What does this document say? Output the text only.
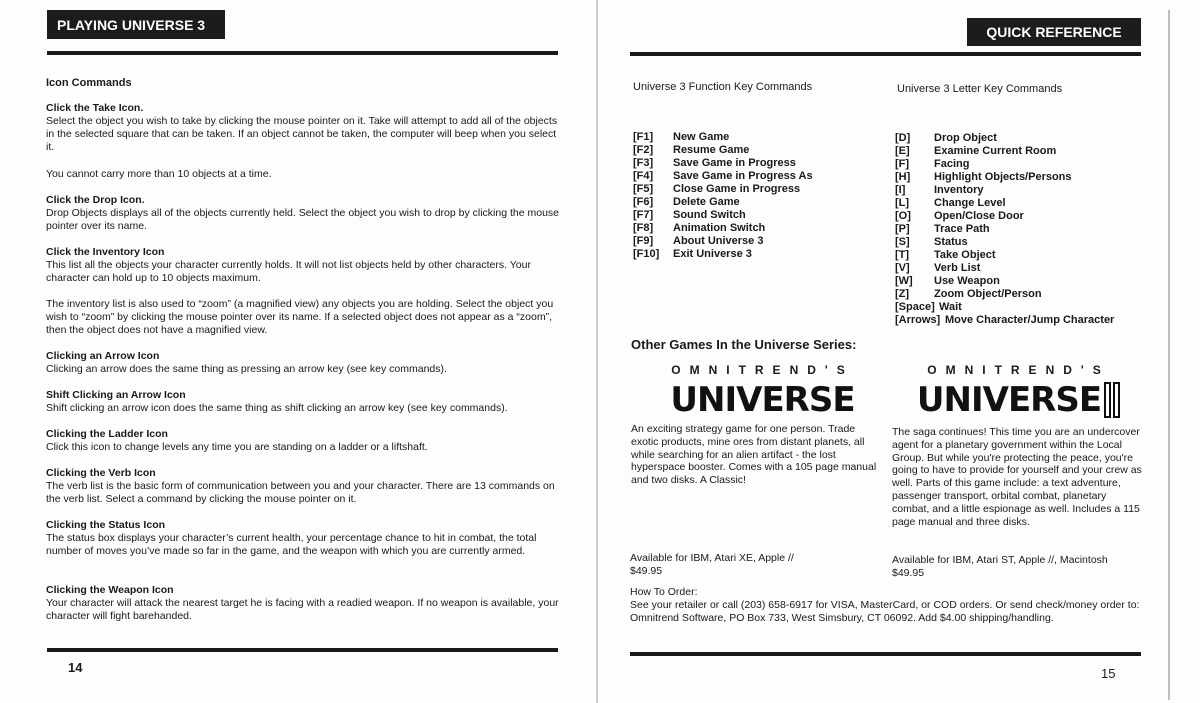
PLAYING UNIVERSE 3
Icon Commands
Click the Take Icon.
Select the object you wish to take by clicking the mouse pointer on it. Take will attempt to add all of the objects in the selected square that can be taken. If an object cannot be taken, the computer will beep when you select it.
You cannot carry more than 10 objects at a time.
Click the Drop Icon.
Drop Objects displays all of the objects currently held. Select the object you wish to drop by clicking the mouse pointer over its name.
Click the Inventory Icon
This list all the objects your character currently holds. It will not list objects held by other characters. Your character can hold up to 10 objects maximum.
The inventory list is also used to “zoom” (a magnified view) any objects you are holding. Select the object you wish to “zoom” by clicking the mouse pointer over its name. If a selected object does not appear as a “zoom”, then the object does not have a magnified view.
Clicking an Arrow Icon
Clicking an arrow does the same thing as pressing an arrow key (see key commands).
Shift Clicking an Arrow Icon
Shift clicking an arrow icon does the same thing as shift clicking an arrow key (see key commands).
Clicking the Ladder Icon
Click this icon to change levels any time you are standing on a ladder or a liftshaft.
Clicking the Verb Icon
The verb list is the basic form of communication between you and your character. There are 13 commands on the verb list. Select a command by clicking the mouse pointer on it.
Clicking the Status Icon
The status box displays your character’s current health, your percentage chance to hit in combat, the total number of moves you’ve made so far in the game, and the weapon with which you are currently armed.
Clicking the Weapon Icon
Your character will attack the nearest target he is facing with a readied weapon. If no weapon is available, your character will fight barehanded.
14
QUICK REFERENCE
Universe 3 Function Key Commands	Universe 3 Letter Key Commands
[F1]	New Game
[F2]	Resume Game
[F3]	Save Game in Progress
[F4]	Save Game in Progress As
[F5]	Close Game in Progress
[F6]	Delete Game
[F7]	Sound Switch
[F8]	Animation Switch
[F9]	About Universe 3
[F10]	Exit Universe 3
[D]	Drop Object
[E]	Examine Current Room
[F]	Facing
[H]	Highlight Objects/Persons
[I]	Inventory
[L]	Change Level
[O]	Open/Close Door
[P]	Trace Path
[S]	Status
[T]	Take Object
[V]	Verb List
[W]	Use Weapon
[Z]	Zoom Object/Person
[Space] Wait
[Arrows] Move Character/Jump Character
Other Games In the Universe Series:
OMNITREND'S
UNIVERSE
An exciting strategy game for one person. Trade exotic products, mine ores from distant planets, all while searching for an alien artifact - the lost hyperspace booster. Comes with a 105 page manual and two disks. A Classic!
Available for IBM, Atari XE, Apple //
$49.95
OMNITREND'S
UNIVERSE
The saga continues! This time you are an undercover agent for a planetary government within the Local Group. But while you're protecting the peace, you're going to have to provide for yourself and your crew as well. Parts of this game include: a text adventure, passenger transport, orbital combat, planetary combat, and a little espionage as well. Includes a 115 page manual and three disks.
Available for IBM, Atari ST, Apple //, Macintosh
$49.95
How To Order:
See your retailer or call (203) 658-6917 for VISA, MasterCard, or COD orders. Or send check/money order to: Omnitrend Software, PO Box 733, West Simsbury, CT 06092. Add $4.00 shipping/handling.
15
